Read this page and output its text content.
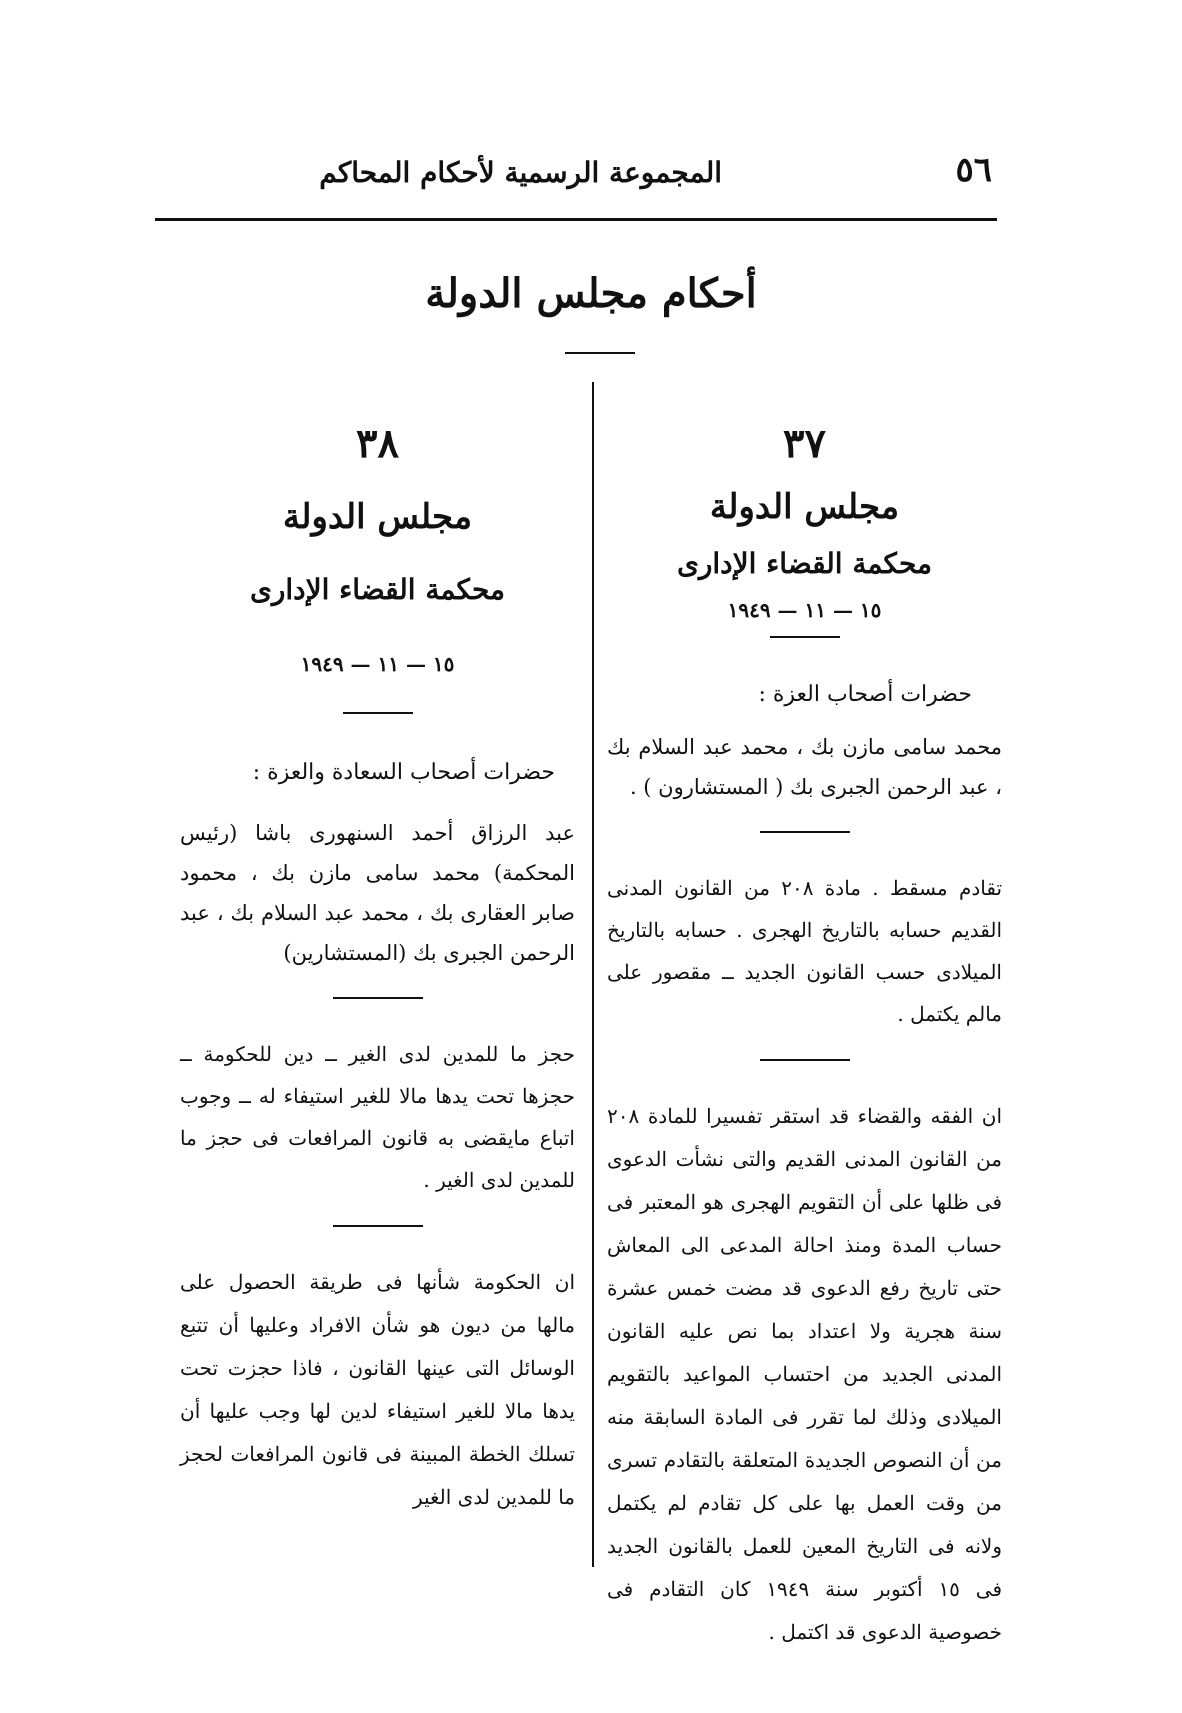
٥٦
المجموعة الرسمية لأحكام المحاكم
أحكام مجلس الدولة
٣٧
مجلس الدولة
محكمة القضاء الإدارى
١٥ — ١١ — ١٩٤٩
حضرات أصحاب العزة :
محمد سامى مازن بك ، محمد عبد السلام بك ، عبد الرحمن الجبرى بك ( المستشارون ) .
تقادم مسقط . مادة ٢٠٨ من القانون المدنى القديم حسابه بالتاريخ الهجرى . حسابه بالتاريخ الميلادى حسب القانون الجديد ــ مقصور على مالم يكتمل .
ان الفقه والقضاء قد استقر تفسيرا للمادة ٢٠٨ من القانون المدنى القديم والتى نشأت الدعوى فى ظلها على أن التقويم الهجرى هو المعتبر فى حساب المدة ومنذ احالة المدعى الى المعاش حتى تاريخ رفع الدعوى قد مضت خمس عشرة سنة هجرية ولا اعتداد بما نص عليه القانون المدنى الجديد من احتساب المواعيد بالتقويم الميلادى وذلك لما تقرر فى المادة السابقة منه من أن النصوص الجديدة المتعلقة بالتقادم تسرى من وقت العمل بها على كل تقادم لم يكتمل ولانه فى التاريخ المعين للعمل بالقانون الجديد فى ١٥ أكتوبر سنة ١٩٤٩ كان التقادم فى خصوصية الدعوى قد اكتمل .
٣٨
مجلس الدولة
محكمة القضاء الإدارى
١٥ — ١١ — ١٩٤٩
حضرات أصحاب السعادة والعزة :
عبد الرزاق أحمد السنهورى باشا (رئيس المحكمة) محمد سامى مازن بك ، محمود صابر العقارى بك ، محمد عبد السلام بك ، عبد الرحمن الجبرى بك (المستشارين)
حجز ما للمدين لدى الغير ــ دين للحكومة ــ حجزها تحت يدها مالا للغير استيفاء له ــ وجوب اتباع مايقضى به قانون المرافعات فى حجز ما للمدين لدى الغير .
ان الحكومة شأنها فى طريقة الحصول على مالها من ديون هو شأن الافراد وعليها أن تتبع الوسائل التى عينها القانون ، فاذا حجزت تحت يدها مالا للغير استيفاء لدين لها وجب عليها أن تسلك الخطة المبينة فى قانون المرافعات لحجز ما للمدين لدى الغير
